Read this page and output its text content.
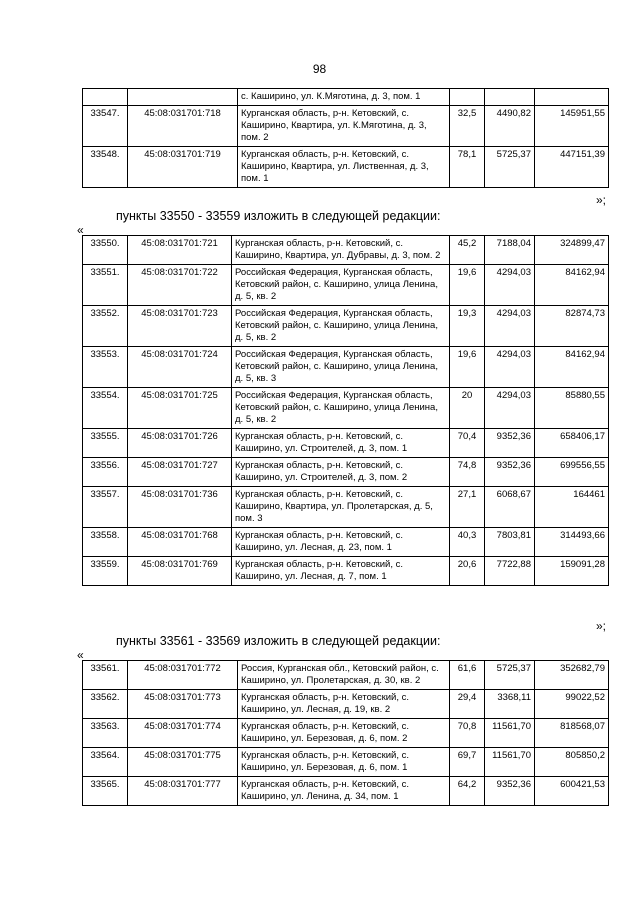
98
		с. Каширино, ул. К.Мяготина, д. 3, пом. 1			
33547.	45:08:031701:718	Курганская область, р-н. Кетовский, с. Каширино, Квартира, ул. К.Мяготина, д. 3, пом. 2	32,5	4490,82	145951,55
33548.	45:08:031701:719	Курганская область, р-н. Кетовский, с. Каширино, Квартира, ул. Лиственная, д. 3, пом. 1	78,1	5725,37	447151,39
»;
пункты 33550 - 33559 изложить в следующей редакции:
«
33550.	45:08:031701:721	Курганская область, р-н. Кетовский, с. Каширино, Квартира, ул. Дубравы, д. 3, пом. 2	45,2	7188,04	324899,47
33551.	45:08:031701:722	Российская Федерация, Курганская область, Кетовский район, с. Каширино, улица Ленина, д. 5, кв. 2	19,6	4294,03	84162,94
33552.	45:08:031701:723	Российская Федерация, Курганская область, Кетовский район, с. Каширино, улица Ленина, д. 5, кв. 2	19,3	4294,03	82874,73
33553.	45:08:031701:724	Российская Федерация, Курганская область, Кетовский район, с. Каширино, улица Ленина, д. 5, кв. 3	19,6	4294,03	84162,94
33554.	45:08:031701:725	Российская Федерация, Курганская область, Кетовский район, с. Каширино, улица Ленина, д. 5, кв. 2	20	4294,03	85880,55
33555.	45:08:031701:726	Курганская область, р-н. Кетовский, с. Каширино, ул. Строителей, д. 3, пом. 1	70,4	9352,36	658406,17
33556.	45:08:031701:727	Курганская область, р-н. Кетовский, с. Каширино, ул. Строителей, д. 3, пом. 2	74,8	9352,36	699556,55
33557.	45:08:031701:736	Курганская область, р-н. Кетовский, с. Каширино, Квартира, ул. Пролетарская, д. 5, пом. 3	27,1	6068,67	164461
33558.	45:08:031701:768	Курганская область, р-н. Кетовский, с. Каширино, ул. Лесная, д. 23, пом. 1	40,3	7803,81	314493,66
33559.	45:08:031701:769	Курганская область, р-н. Кетовский, с. Каширино, ул. Лесная, д. 7, пом. 1	20,6	7722,88	159091,28
»;
пункты 33561 - 33569 изложить в следующей редакции:
«
33561.	45:08:031701:772	Россия, Курганская обл., Кетовский район, с. Каширино, ул. Пролетарская, д. 30, кв. 2	61,6	5725,37	352682,79
33562.	45:08:031701:773	Курганская область, р-н. Кетовский, с. Каширино, ул. Лесная, д. 19, кв. 2	29,4	3368,11	99022,52
33563.	45:08:031701:774	Курганская область, р-н. Кетовский, с. Каширино, ул. Березовая, д. 6, пом. 2	70,8	11561,70	818568,07
33564.	45:08:031701:775	Курганская область, р-н. Кетовский, с. Каширино, ул. Березовая, д. 6, пом. 1	69,7	11561,70	805850,2
33565.	45:08:031701:777	Курганская область, р-н. Кетовский, с. Каширино, ул. Ленина, д. 34, пом. 1	64,2	9352,36	600421,53
